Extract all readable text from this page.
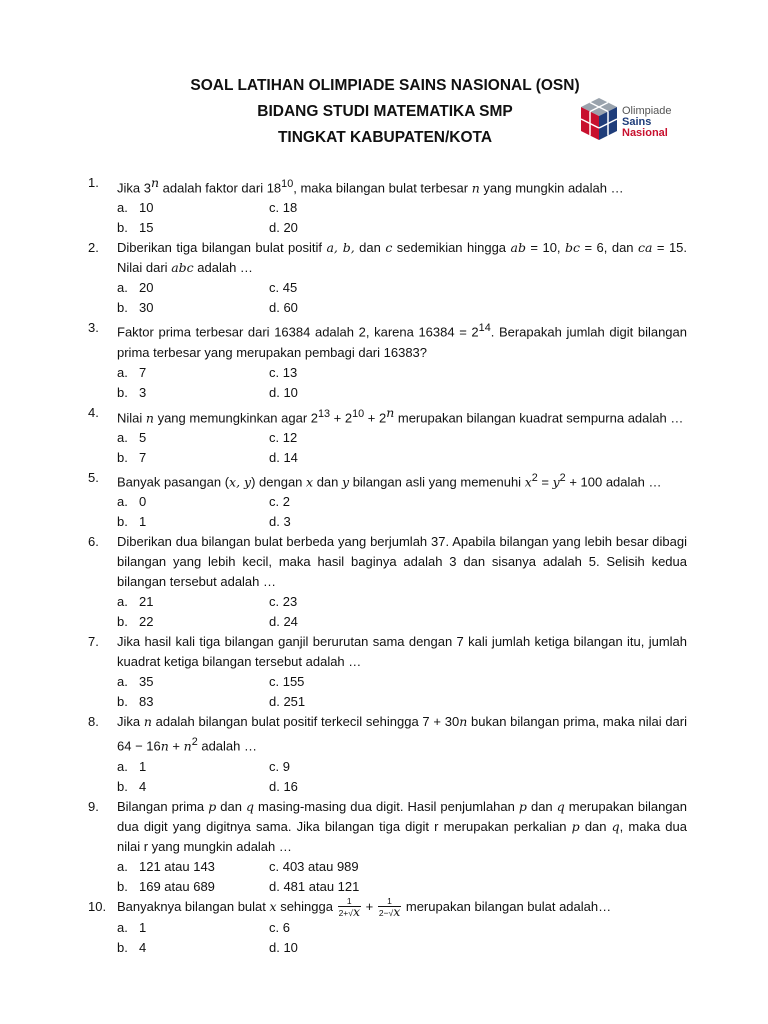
SOAL LATIHAN OLIMPIADE SAINS NASIONAL (OSN)
BIDANG STUDI MATEMATIKA SMP
TINGKAT KABUPATEN/KOTA
Olimpiade
Sains
Nasional
1.	Jika 3$^n$ adalah faktor dari $18^{10}$, maka bilangan bulat terbesar n yang mungkin adalah …
a. 10	c. 18
b. 15	d. 20
2.	Diberikan tiga bilangan bulat positif a, b, dan c sedemikian hingga ab = 10, bc = 6, dan ca = 15. Nilai dari abc adalah …
a. 20	c. 45
b. 30	d. 60
3.	Faktor prima terbesar dari 16384 adalah 2, karena $16384 = 2^{14}$. Berapakah jumlah digit bilangan prima terbesar yang merupakan pembagi dari 16383?
a. 7	c. 13
b. 3	d. 10
4.	Nilai n yang memungkinkan agar $2^{13} + 2^{10} + 2^n$ merupakan bilangan kuadrat sempurna adalah …
a. 5	c. 12
b. 7	d. 14
5.	Banyak pasangan (x, y) dengan x dan y bilangan asli yang memenuhi $x^2 = y^2 + 100$ adalah …
a. 0	c. 2
b. 1	d. 3
6.	Diberikan dua bilangan bulat berbeda yang berjumlah 37. Apabila bilangan yang lebih besar dibagi bilangan yang lebih kecil, maka hasil baginya adalah 3 dan sisanya adalah 5. Selisih kedua bilangan tersebut adalah …
a. 21	c. 23
b. 22	d. 24
7.	Jika hasil kali tiga bilangan ganjil berurutan sama dengan 7 kali jumlah ketiga bilangan itu, jumlah kuadrat ketiga bilangan tersebut adalah …
a. 35	c. 155
b. 83	d. 251
8.	Jika n adalah bilangan bulat positif terkecil sehingga 7 + 30n bukan bilangan prima, maka nilai dari $64 - 16n + n^2$ adalah …
a. 1	c. 9
b. 4	d. 16
9.	Bilangan prima p dan q masing-masing dua digit. Hasil penjumlahan p dan q merupakan bilangan dua digit yang digitnya sama. Jika bilangan tiga digit r merupakan perkalian p dan q, maka dua nilai r yang mungkin adalah …
a. 121 atau 143	c. 403 atau 989
b. 169 atau 689	d. 481 atau 121
10. Banyaknya bilangan bulat x sehingga $\frac{1}{2+√x} + \frac{1}{2-√x}$ merupakan bilangan bulat adalah…
a. 1	c. 6
b. 4	d. 10
